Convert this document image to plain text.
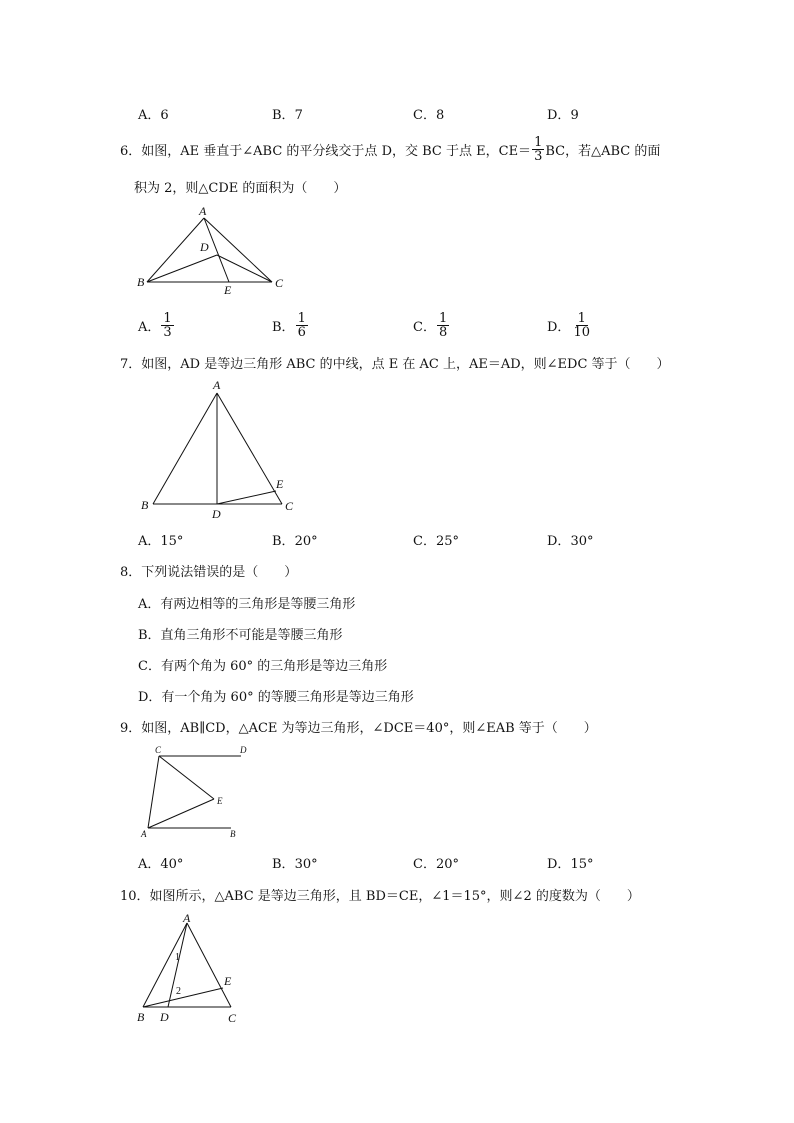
A．6	B．7	C．8	D．9
6．如图，AE 垂直于∠ABC 的平分线交于点 D，交 BC 于点 E，$CE= \frac{1}{3}$ BC，若△ABC 的面
积为 2，则△CDE 的面积为（　　）
A
B	C
D
E
A． $\frac{1}{3}$	B． $\frac{1}{6}$	C． $\frac{1}{8}$	D． $\frac{1}{10}$
7．如图，AD 是等边三角形 ABC 的中线，点 E 在 AC 上，AE＝AD，则∠EDC 等于（　　）
A
B	C
D
E
A．15°	B．20°	C．25°	D．30°
8．下列说法错误的是（　　）
A．有两边相等的三角形是等腰三角形
B．直角三角形不可能是等腰三角形
C．有两个角为 60° 的三角形是等边三角形
D．有一个角为 60° 的等腰三角形是等边三角形
9．如图，AB∥CD，△ACE 为等边三角形，∠DCE＝40°，则∠EAB 等于（　　）
C	D
E
A	B
A．40°	B．30°	C．20°	D．15°
10．如图所示，△ABC 是等边三角形，且 BD＝CE，∠1＝15°，则∠2 的度数为（　　）
A
B	C
D
E
1
2
